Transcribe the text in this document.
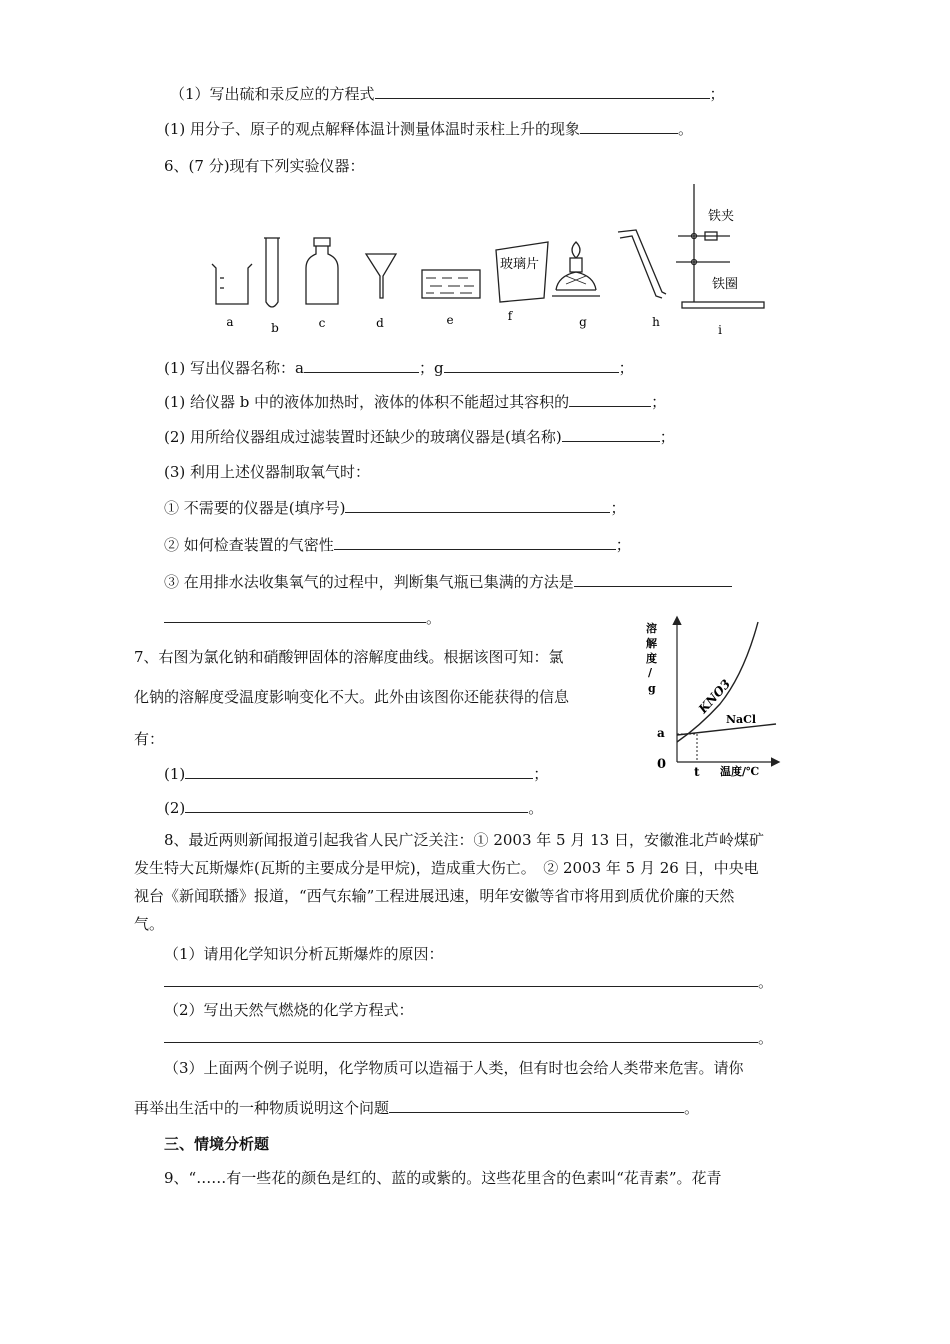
（1）写出硫和汞反应的方程式	；
(1) 用分子、原子的观点解释体温计测量体温时汞柱上升的现象	。
6、(7 分)现有下列实验仪器：
a	b	c	d	e
玻璃片
f	g	h
铁夹
铁圈
i
(1) 写出仪器名称：a	；g	；
(1) 给仪器 b 中的液体加热时，液体的体积不能超过其容积的	；
(2) 用所给仪器组成过滤装置时还缺少的玻璃仪器是(填名称)	；
(3) 利用上述仪器制取氧气时：
① 不需要的仪器是(填序号)	；
② 如何检查装置的气密性	；
③ 在用排水法收集氧气的过程中，判断集气瓶已集满的方法是
。
7、右图为氯化钠和硝酸钾固体的溶解度曲线。根据该图可知：氯
化钠的溶解度受温度影响变化不大。此外由该图你还能获得的信息
有：
(1)	；
(2)	。
溶
解
度
/
g
溶解度/g
温度/℃
0
a
t
KNO3
NaCl
8、最近两则新闻报道引起我省人民广泛关注：① 2003 年 5 月 13 日，安徽淮北芦岭煤矿
发生特大瓦斯爆炸(瓦斯的主要成分是甲烷)，造成重大伤亡。　② 2003 年 5 月 26 日，中央电
视台《新闻联播》报道，“西气东输”工程进展迅速，明年安徽等省市将用到质优价廉的天然
气。
（1）请用化学知识分析瓦斯爆炸的原因：
。
（2）写出天然气燃烧的化学方程式：
。
（3）上面两个例子说明，化学物质可以造福于人类，但有时也会给人类带来危害。请你
再举出生活中的一种物质说明这个问题	。
三、情境分析题
9、“……有一些花的颜色是红的、蓝的或紫的。这些花里含的色素叫“花青素”。花青
